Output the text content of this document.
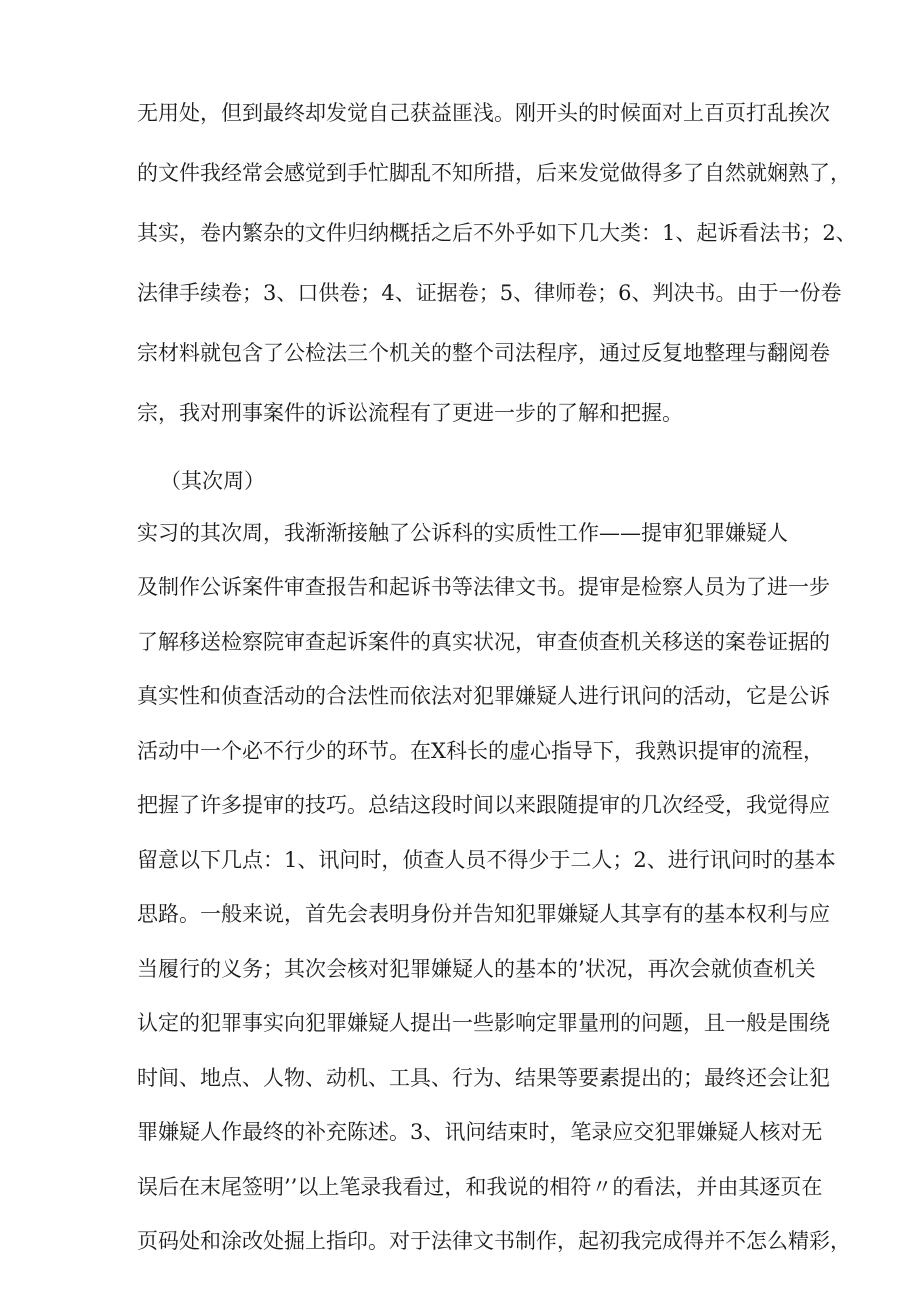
无用处，但到最终却发觉自己获益匪浅。刚开头的时候面对上百页打乱挨次
的文件我经常会感觉到手忙脚乱不知所措，后来发觉做得多了自然就娴熟了，
其实，卷内繁杂的文件归纳概括之后不外乎如下几大类：1、起诉看法书；2、
法律手续卷；3、口供卷；4、证据卷；5、律师卷；6、判决书。由于一份卷
宗材料就包含了公检法三个机关的整个司法程序，通过反复地整理与翻阅卷
宗，我对刑事案件的诉讼流程有了更进一步的了解和把握。
（其次周）
实习的其次周，我渐渐接触了公诉科的实质性工作——提审犯罪嫌疑人
及制作公诉案件审查报告和起诉书等法律文书。提审是检察人员为了进一步
了解移送检察院审查起诉案件的真实状况，审查侦查机关移送的案卷证据的
真实性和侦查活动的合法性而依法对犯罪嫌疑人进行讯问的活动，它是公诉
活动中一个必不行少的环节。在X科长的虚心指导下，我熟识提审的流程，
把握了许多提审的技巧。总结这段时间以来跟随提审的几次经受，我觉得应
留意以下几点：1、讯问时，侦查人员不得少于二人；2、进行讯问时的基本
思路。一般来说，首先会表明身份并告知犯罪嫌疑人其享有的基本权利与应
当履行的义务；其次会核对犯罪嫌疑人的基本的’状况，再次会就侦查机关
认定的犯罪事实向犯罪嫌疑人提出一些影响定罪量刑的问题，且一般是围绕
时间、地点、人物、动机、工具、行为、结果等要素提出的；最终还会让犯
罪嫌疑人作最终的补充陈述。3、讯问结束时，笔录应交犯罪嫌疑人核对无
误后在末尾签明’’以上笔录我看过，和我说的相符〃的看法，并由其逐页在
页码处和涂改处掘上指印。对于法律文书制作，起初我完成得并不怎么精彩，
